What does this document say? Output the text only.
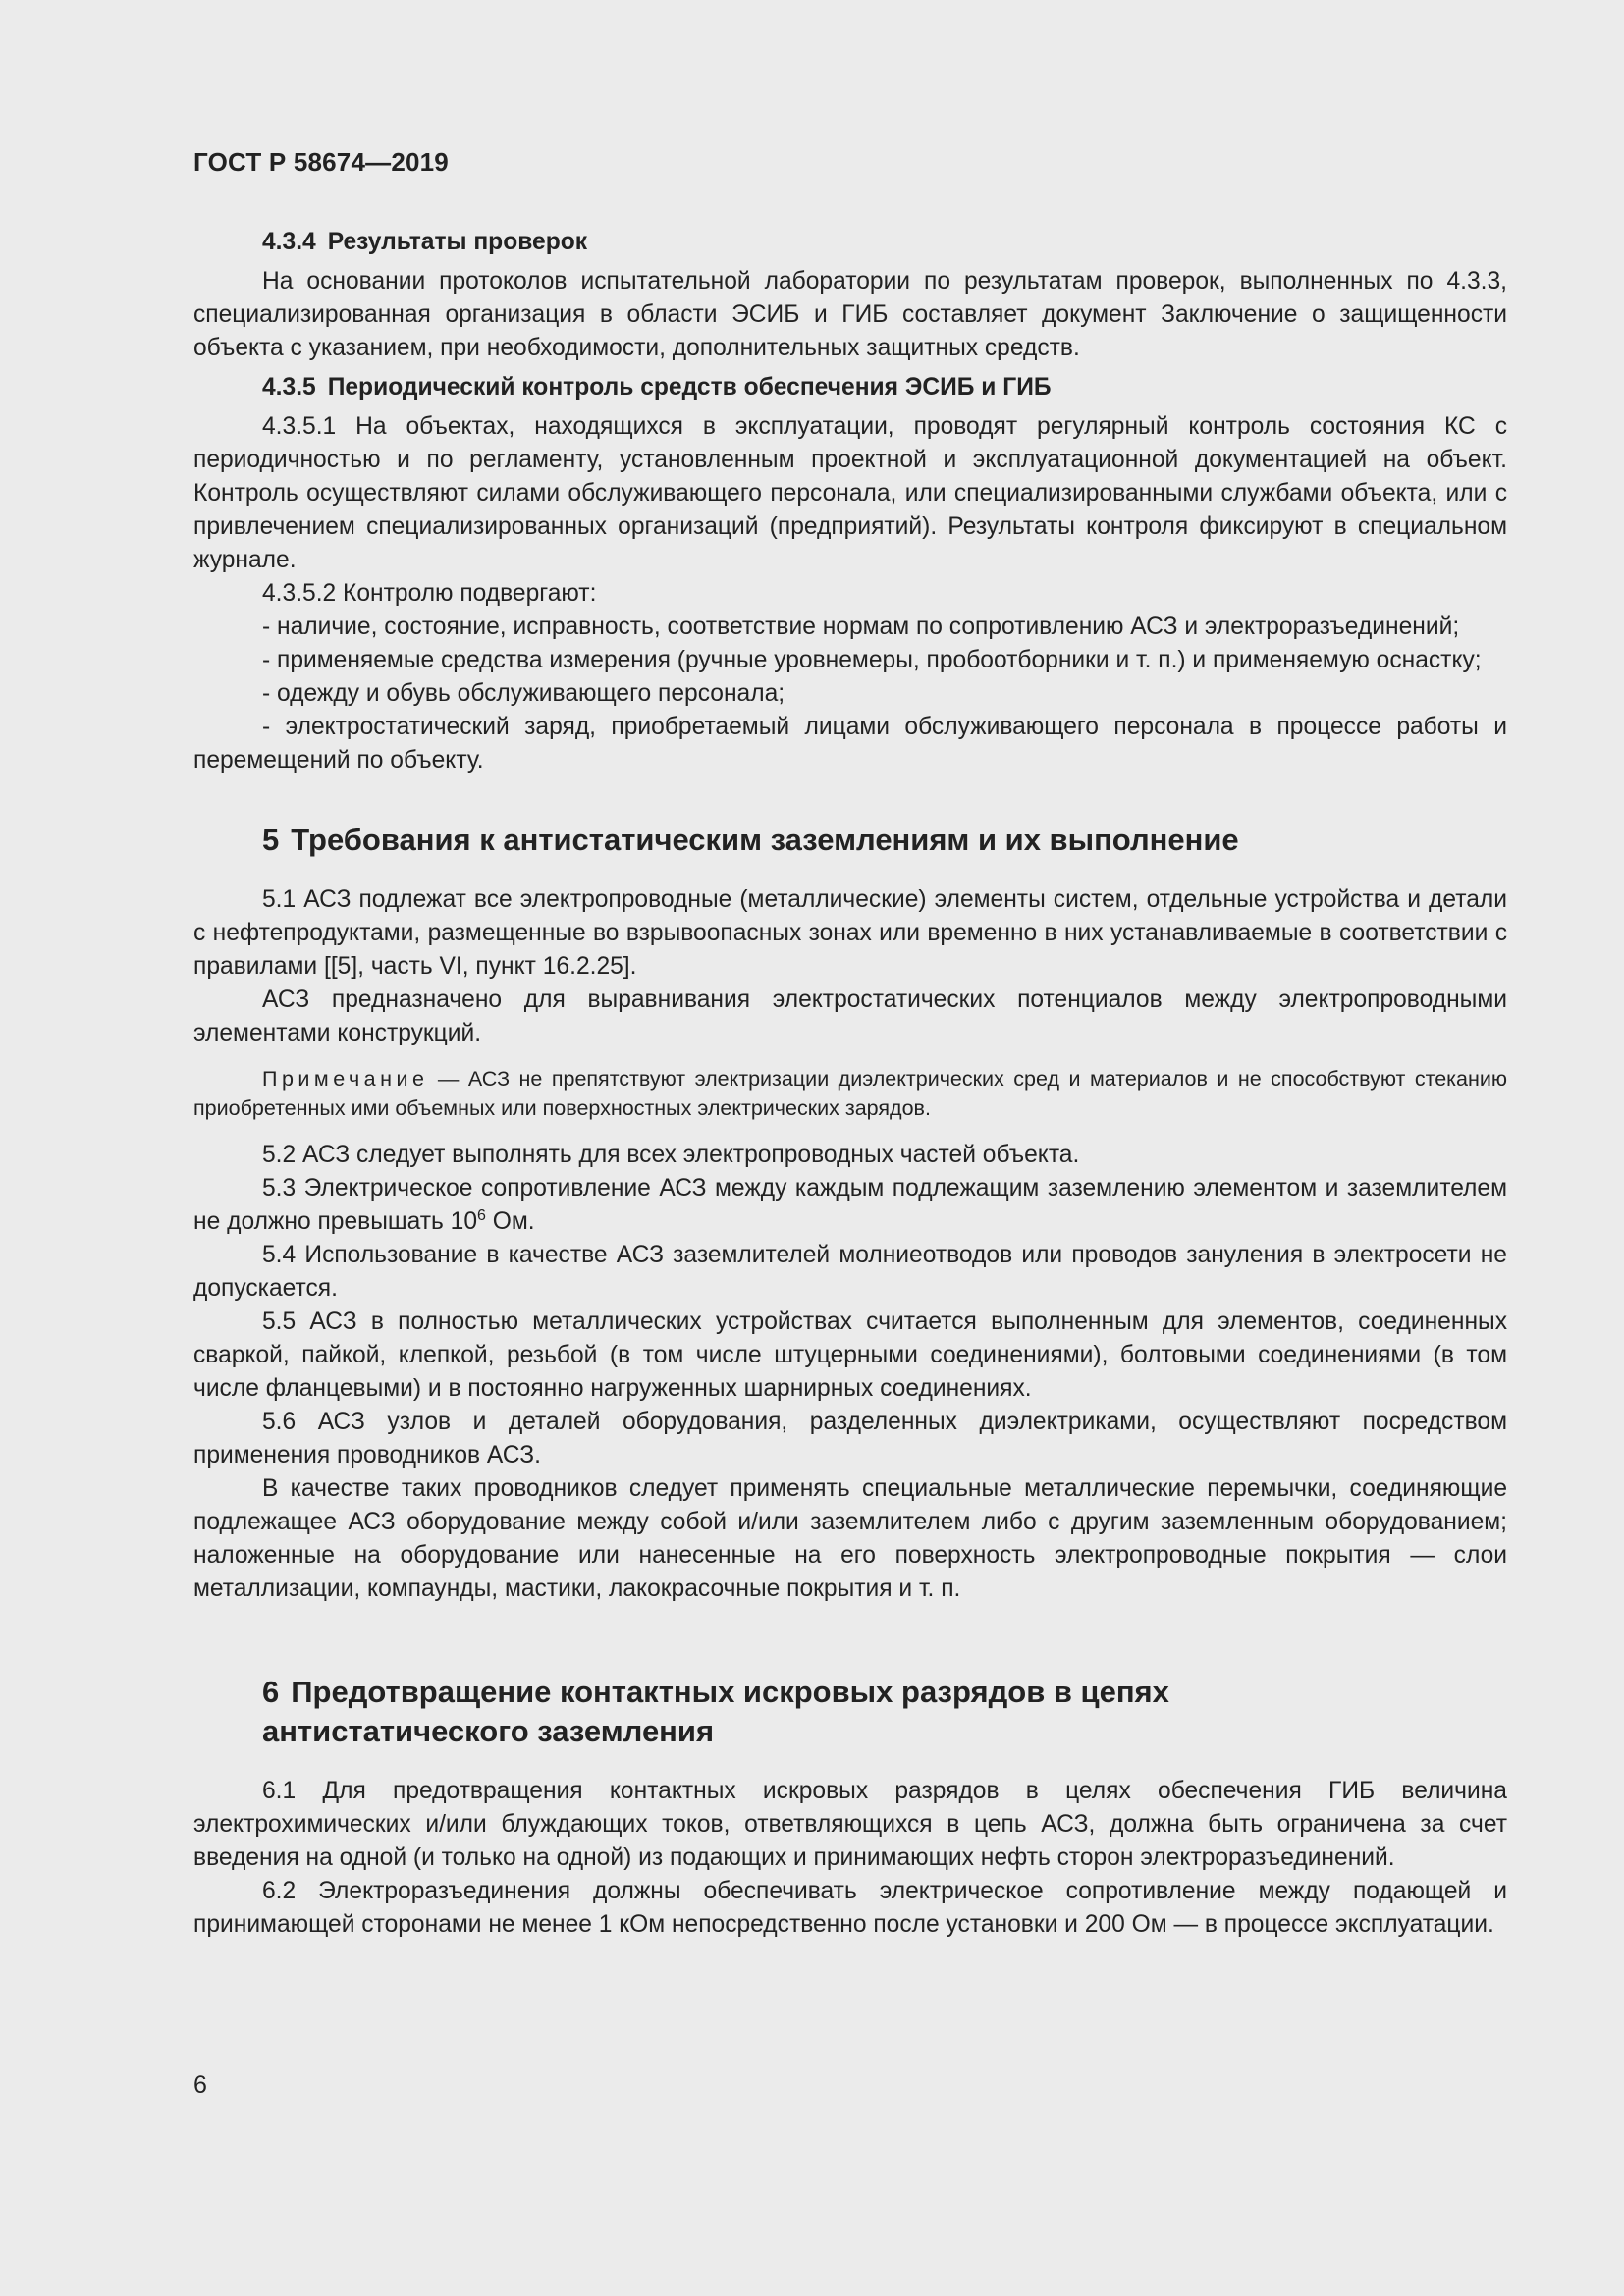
ГОСТ Р 58674—2019

4.3.4 Результаты проверок

На основании протоколов испытательной лаборатории по результатам проверок, выполненных по 4.3.3, специализированная организация в области ЭСИБ и ГИБ составляет документ Заключение о защищенности объекта с указанием, при необходимости, дополнительных защитных средств.

4.3.5 Периодический контроль средств обеспечения ЭСИБ и ГИБ

4.3.5.1 На объектах, находящихся в эксплуатации, проводят регулярный контроль состояния КС с периодичностью и по регламенту, установленным проектной и эксплуатационной документацией на объект. Контроль осуществляют силами обслуживающего персонала, или специализированными службами объекта, или с привлечением специализированных организаций (предприятий). Результаты контроля фиксируют в специальном журнале.

4.3.5.2 Контролю подвергают:

- наличие, состояние, исправность, соответствие нормам по сопротивлению АСЗ и электроразъединений;

- применяемые средства измерения (ручные уровнемеры, пробоотборники и т. п.) и применяемую оснастку;

- одежду и обувь обслуживающего персонала;

- электростатический заряд, приобретаемый лицами обслуживающего персонала в процессе работы и перемещений по объекту.

5 Требования к антистатическим заземлениям и их выполнение

5.1 АСЗ подлежат все электропроводные (металлические) элементы систем, отдельные устройства и детали с нефтепродуктами, размещенные во взрывоопасных зонах или временно в них устанавливаемые в соответствии с правилами [[5], часть VI, пункт 16.2.25].

АСЗ предназначено для выравнивания электростатических потенциалов между электропроводными элементами конструкций.

Примечание — АСЗ не препятствуют электризации диэлектрических сред и материалов и не способствуют стеканию приобретенных ими объемных или поверхностных электрических зарядов.

5.2 АСЗ следует выполнять для всех электропроводных частей объекта.

5.3 Электрическое сопротивление АСЗ между каждым подлежащим заземлению элементом и заземлителем не должно превышать $10^6$ Ом.

5.4 Использование в качестве АСЗ заземлителей молниеотводов или проводов зануления в электросети не допускается.

5.5 АСЗ в полностью металлических устройствах считается выполненным для элементов, соединенных сваркой, пайкой, клепкой, резьбой (в том числе штуцерными соединениями), болтовыми соединениями (в том числе фланцевыми) и в постоянно нагруженных шарнирных соединениях.

5.6 АСЗ узлов и деталей оборудования, разделенных диэлектриками, осуществляют посредством применения проводников АСЗ.

В качестве таких проводников следует применять специальные металлические перемычки, соединяющие подлежащее АСЗ оборудование между собой и/или заземлителем либо с другим заземленным оборудованием; наложенные на оборудование или нанесенные на его поверхность электропроводные покрытия — слои металлизации, компаунды, мастики, лакокрасочные покрытия и т. п.

6 Предотвращение контактных искровых разрядов в цепях
антистатического заземления

6.1 Для предотвращения контактных искровых разрядов в целях обеспечения ГИБ величина электрохимических и/или блуждающих токов, ответвляющихся в цепь АСЗ, должна быть ограничена за счет введения на одной (и только на одной) из подающих и принимающих нефть сторон электроразъединений.

6.2 Электроразъединения должны обеспечивать электрическое сопротивление между подающей и принимающей сторонами не менее 1 кОм непосредственно после установки и 200 Ом — в процессе эксплуатации.

6
